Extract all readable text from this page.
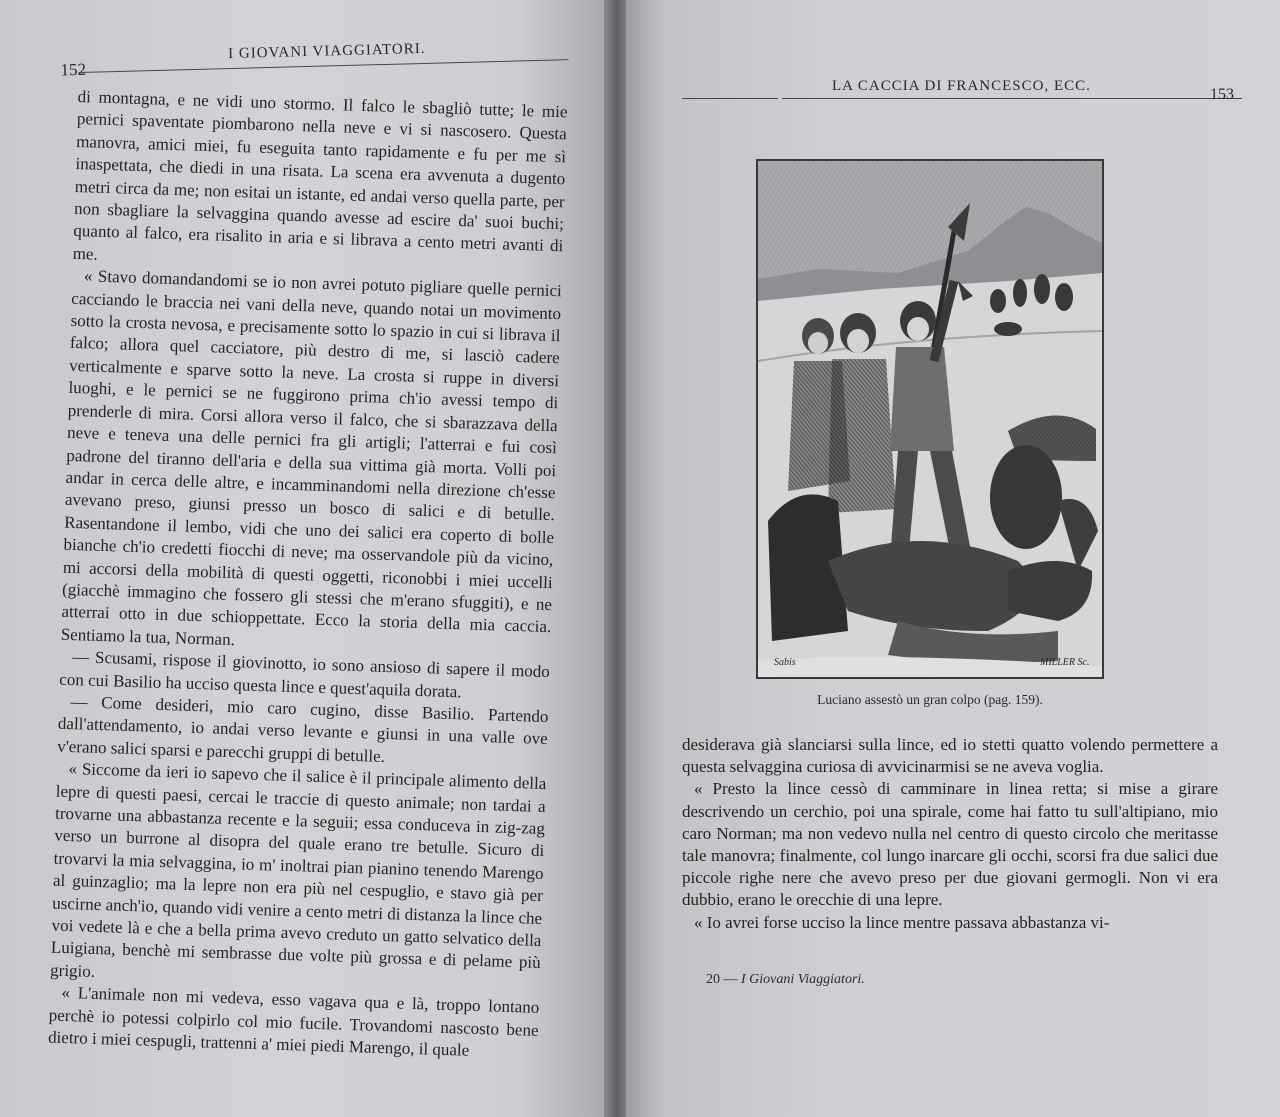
152
I GIOVANI VIAGGIATORI.

di montagna, e ne vidi uno stormo. Il falco le sbagliò tutte; le mie pernici spaventate piombarono nella neve e vi si nascosero. Questa manovra, amici miei, fu eseguita tanto rapidamente e fu per me sì inaspettata, che diedi in una risata. La scena era avvenuta a dugento metri circa da me; non esitai un istante, ed andai verso quella parte, per non sbagliare la selvaggina quando avesse ad escire da' suoi buchi; quanto al falco, era risalito in aria e si librava a cento metri avanti di me.

« Stavo domandandomi se io non avrei potuto pigliare quelle pernici cacciando le braccia nei vani della neve, quando notai un movimento sotto la crosta nevosa, e precisamente sotto lo spazio in cui si librava il falco; allora quel cacciatore, più destro di me, si lasciò cadere verticalmente e sparve sotto la neve. La crosta si ruppe in diversi luoghi, e le pernici se ne fuggirono prima ch'io avessi tempo di prenderle di mira. Corsi allora verso il falco, che si sbarazzava della neve e teneva una delle pernici fra gli artigli; l'atterrai e fui così padrone del tiranno dell'aria e della sua vittima già morta. Volli poi andar in cerca delle altre, e incamminandomi nella direzione ch'esse avevano preso, giunsi presso un bosco di salici e di betulle. Rasentandone il lembo, vidi che uno dei salici era coperto di bolle bianche ch'io credetti fiocchi di neve; ma osservandole più da vicino, mi accorsi della mobilità di questi oggetti, riconobbi i miei uccelli (giacchè immagino che fossero gli stessi che m'erano sfuggiti), e ne atterrai otto in due schioppettate. Ecco la storia della mia caccia. Sentiamo la tua, Norman.

— Scusami, rispose il giovinotto, io sono ansioso di sapere il modo con cui Basilio ha ucciso questa lince e quest'aquila dorata.

— Come desideri, mio caro cugino, disse Basilio. Partendo dall'attendamento, io andai verso levante e giunsi in una valle ove v'erano salici sparsi e parecchi gruppi di betulle.

« Siccome da ieri io sapevo che il salice è il principale alimento della lepre di questi paesi, cercai le traccie di questo animale; non tardai a trovarne una abbastanza recente e la seguii; essa conduceva in zig-zag verso un burrone al disopra del quale erano tre betulle. Sicuro di trovarvi la mia selvaggina, io m' inoltrai pian pianino tenendo Marengo al guinzaglio; ma la lepre non era più nel cespuglio, e stavo già per uscirne anch'io, quando vidi venire a cento metri di distanza la lince che voi vedete là e che a bella prima avevo creduto un gatto selvatico della Luigiana, benchè mi sembrasse due volte più grossa e di pelame più grigio.

« L'animale non mi vedeva, esso vagava qua e là, troppo lontano perchè io potessi colpirlo col mio fucile. Trovandomi nascosto bene dietro i miei cespugli, trattenni a' miei piedi Marengo, il quale

LA CACCIA DI FRANCESCO, ECC.	153
Sabis	MILLER Sc.
Luciano assestò un gran colpo (pag. 159).

desiderava già slanciarsi sulla lince, ed io stetti quatto volendo permettere a questa selvaggina curiosa di avvicinarmisi se ne aveva voglia.

« Presto la lince cessò di camminare in linea retta; si mise a girare descrivendo un cerchio, poi una spirale, come hai fatto tu sull'altipiano, mio caro Norman; ma non vedevo nulla nel centro di questo circolo che meritasse tale manovra; finalmente, col lungo inarcare gli occhi, scorsi fra due salici due piccole righe nere che avevo preso per due giovani germogli. Non vi era dubbio, erano le orecchie di una lepre.

« Io avrei forse ucciso la lince mentre passava abbastanza vi-

20 — I Giovani Viaggiatori.
